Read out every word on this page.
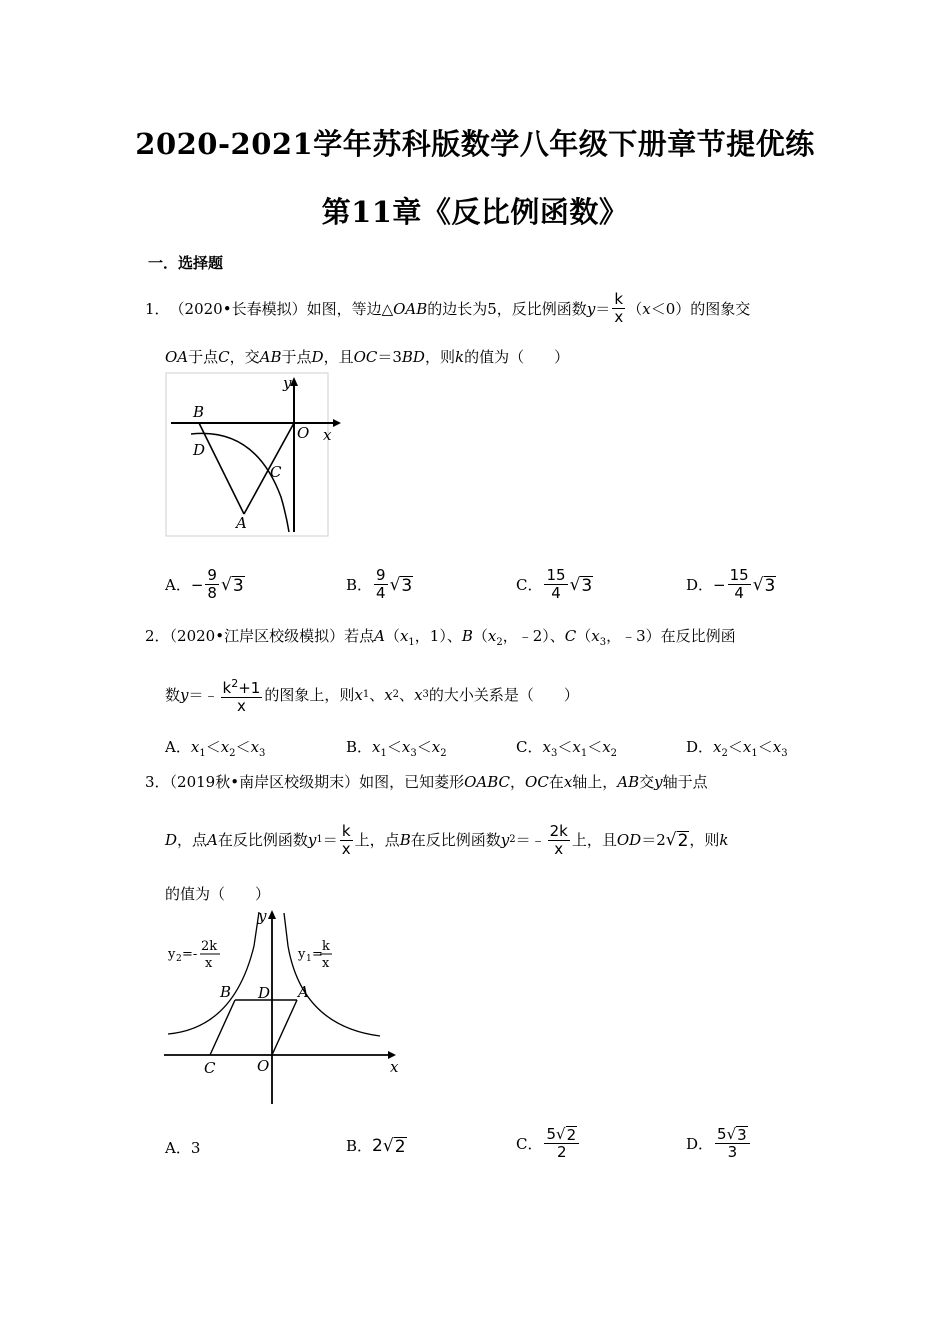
2020-2021学年苏科版数学八年级下册章节提优练
第11章《反比例函数》
一．选择题
1． （2020•长春模拟）如图，等边△ OAB 的边长为5，反比例函数 $y = \frac{k}{x}$ （ x ＜0）的图象交
OA于点C，交AB于点D，且OC＝3BD，则k的值为（　　）
B
O x
y
D
C
A
A． − $\frac{9}{8}$ √ 3	B． $\frac{9}{4}$ √ 3	C． $\frac{15}{4}$ √ 3	D． − $\frac{15}{4}$ √ 3
2．（2020•江岸区校级模拟）若点$A(x_1$，1）、$B(x_2$，﹣2）、$C(x_3$，﹣3）在反比例函
数 y ＝﹣ $\frac{k^2+1}{x}$ 的图象上，则 x 1 、 x 2 、 x 3 的大小关系是（　　）
A．$x_1<x_2<x_3$	B．$x_1<x_3<x_2$	C．$x_3<x_1<x_2$	D．$x_2<x_1<x_3$
3．（2019秋•南岸区校级期末）如图，已知菱形OABC，OC在x轴上，AB交y轴于点
D ，点 A 在反比例函数 y $1 = \frac{k}{x}$ 上，点 B 在反比例函数 y 2 ＝﹣ $\frac{2k}{x}$ 上，且 OD ＝2 √ 2 ，则 k
的值为（　　）
y 2 =-
2k
x
y 1 =
k
x
B D A
C	O	x
y
A． 3	B． 2 √ 2	C． $\frac{5√ 2}{2}$	D． $\frac{5√ 3}{3}$
